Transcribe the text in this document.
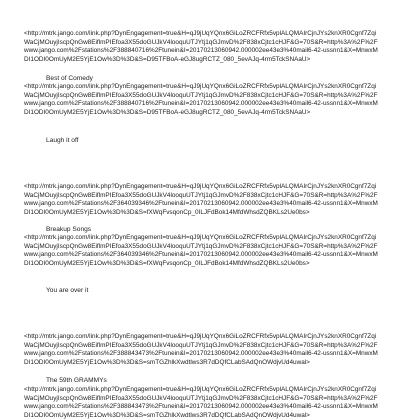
<http://mtrk.jango.com/link.php?DynEngagement=true&H=qJ9jUqYQnx6GiLoZRCFRfx5vplALQMAIrCjnJYs2knXR0Cgnf7ZqiWaCjMOuyjIscpQnGw8EiflmPIEfoa3X55doGUJkV4looquUTJYtj1qGJmvD%2F838xCjtc1cHJF&G=70S&R=http%3A%2F%2Fwww.jango.com%2Fstations%2F388840716%2Ftunein&I=20170213060942.000002ee43e3%40mail6-42-ussnn1&X=MnwxMDI1ODI0OmUyM2E5YjE1Ow%3D%3D&S=D95TFBoA-eGJ8ugRCTZ_080_5evAJq-4rm5TckSNAaU>

Best of Comedy

<http://mtrk.jango.com/link.php?DynEngagement=true&H=qJ9jUqYQnx6GiLoZRCFRfx5vplALQMAIrCjnJYs2knXR0Cgnf7ZqiWaCjMOuyjIscpQnGw8EiflmPIEfoa3X55doGUJkV4looquUTJYtj1qGJmvD%2F838xCjtc1cHJF&G=70S&R=http%3A%2F%2Fwww.jango.com%2Fstations%2F388840716%2Ftunein&I=20170213060942.000002ee43e3%40mail6-42-ussnn1&X=MnwxMDI1ODI0OmUyM2E5YjE1Ow%3D%3D&S=D95TFBoA-eGJ8ugRCTZ_080_5evAJq-4rm5TckSNAaU>

Laugh it off

<http://mtrk.jango.com/link.php?DynEngagement=true&H=qJ9jUqYQnx6GiLoZRCFRfx5vplALQMAIrCjnJYs2knXR0Cgnf7ZqiWaCjMOuyjIscpQnGw8EiflmPIEfoa3X55doGUJkV4looquUTJYtj1qGJmvD%2F838xCjtc1cHJF&G=70S&R=http%3A%2F%2Fwww.jango.com%2Fstations%2F364039346%2Ftunein&I=20170213060942.000002ee43e3%40mail6-42-ussnn1&X=MnwxMDI1ODI0OmUyM2E5YjE1Ow%3D%3D&S=fXWqFvsqonCp_0ILJFdBok14MfdWhsdZQBKLs2Ue0bs>

Breakup Songs

<http://mtrk.jango.com/link.php?DynEngagement=true&H=qJ9jUqYQnx6GiLoZRCFRfx5vplALQMAIrCjnJYs2knXR0Cgnf7ZqiWaCjMOuyjIscpQnGw8EiflmPIEfoa3X55doGUJkV4looquUTJYtj1qGJmvD%2F838xCjtc1cHJF&G=70S&R=http%3A%2F%2Fwww.jango.com%2Fstations%2F364039346%2Ftunein&I=20170213060942.000002ee43e3%40mail6-42-ussnn1&X=MnwxMDI1ODI0OmUyM2E5YjE1Ow%3D%3D&S=fXWqFvsqonCp_0ILJFdBok14MfdWhsdZQBKLs2Ue0bs>

You are over it

<http://mtrk.jango.com/link.php?DynEngagement=true&H=qJ9jUqYQnx6GiLoZRCFRfx5vplALQMAIrCjnJYs2knXR0Cgnf7ZqiWaCjMOuyjIscpQnGw8EiflmPIEfoa3X55doGUJkV4looquUTJYtj1qGJmvD%2F838xCjtc1cHJF&G=70S&R=http%3A%2F%2Fwww.jango.com%2Fstations%2F388843473%2Ftunein&I=20170213060942.000002ee43e3%40mail6-42-ussnn1&X=MnwxMDI1ODI0OmUyM2E5YjE1Ow%3D%3D&S=smTGZhlkXwdtlws3R7dDQfCLabSAdQnOWdjvUd4uwal>

The 59th GRAMMYs

<http://mtrk.jango.com/link.php?DynEngagement=true&H=qJ9jUqYQnx6GiLoZRCFRfx5vplALQMAIrCjnJYs2knXR0Cgnf7ZqiWaCjMOuyjIscpQnGw8EiflmPIEfoa3X55doGUJkV4looquUTJYtj1qGJmvD%2F838xCjtc1cHJF&G=70S&R=http%3A%2F%2Fwww.jango.com%2Fstations%2F388843473%2Ftunein&I=20170213060942.000002ee43e3%40mail6-42-ussnn1&X=MnwxMDI1ODI0OmUyM2E5YjE1Ow%3D%3D&S=smTGZhlkXwdtlws3R7dDQfCLabSAdQnOWdjvUd4uwal>
